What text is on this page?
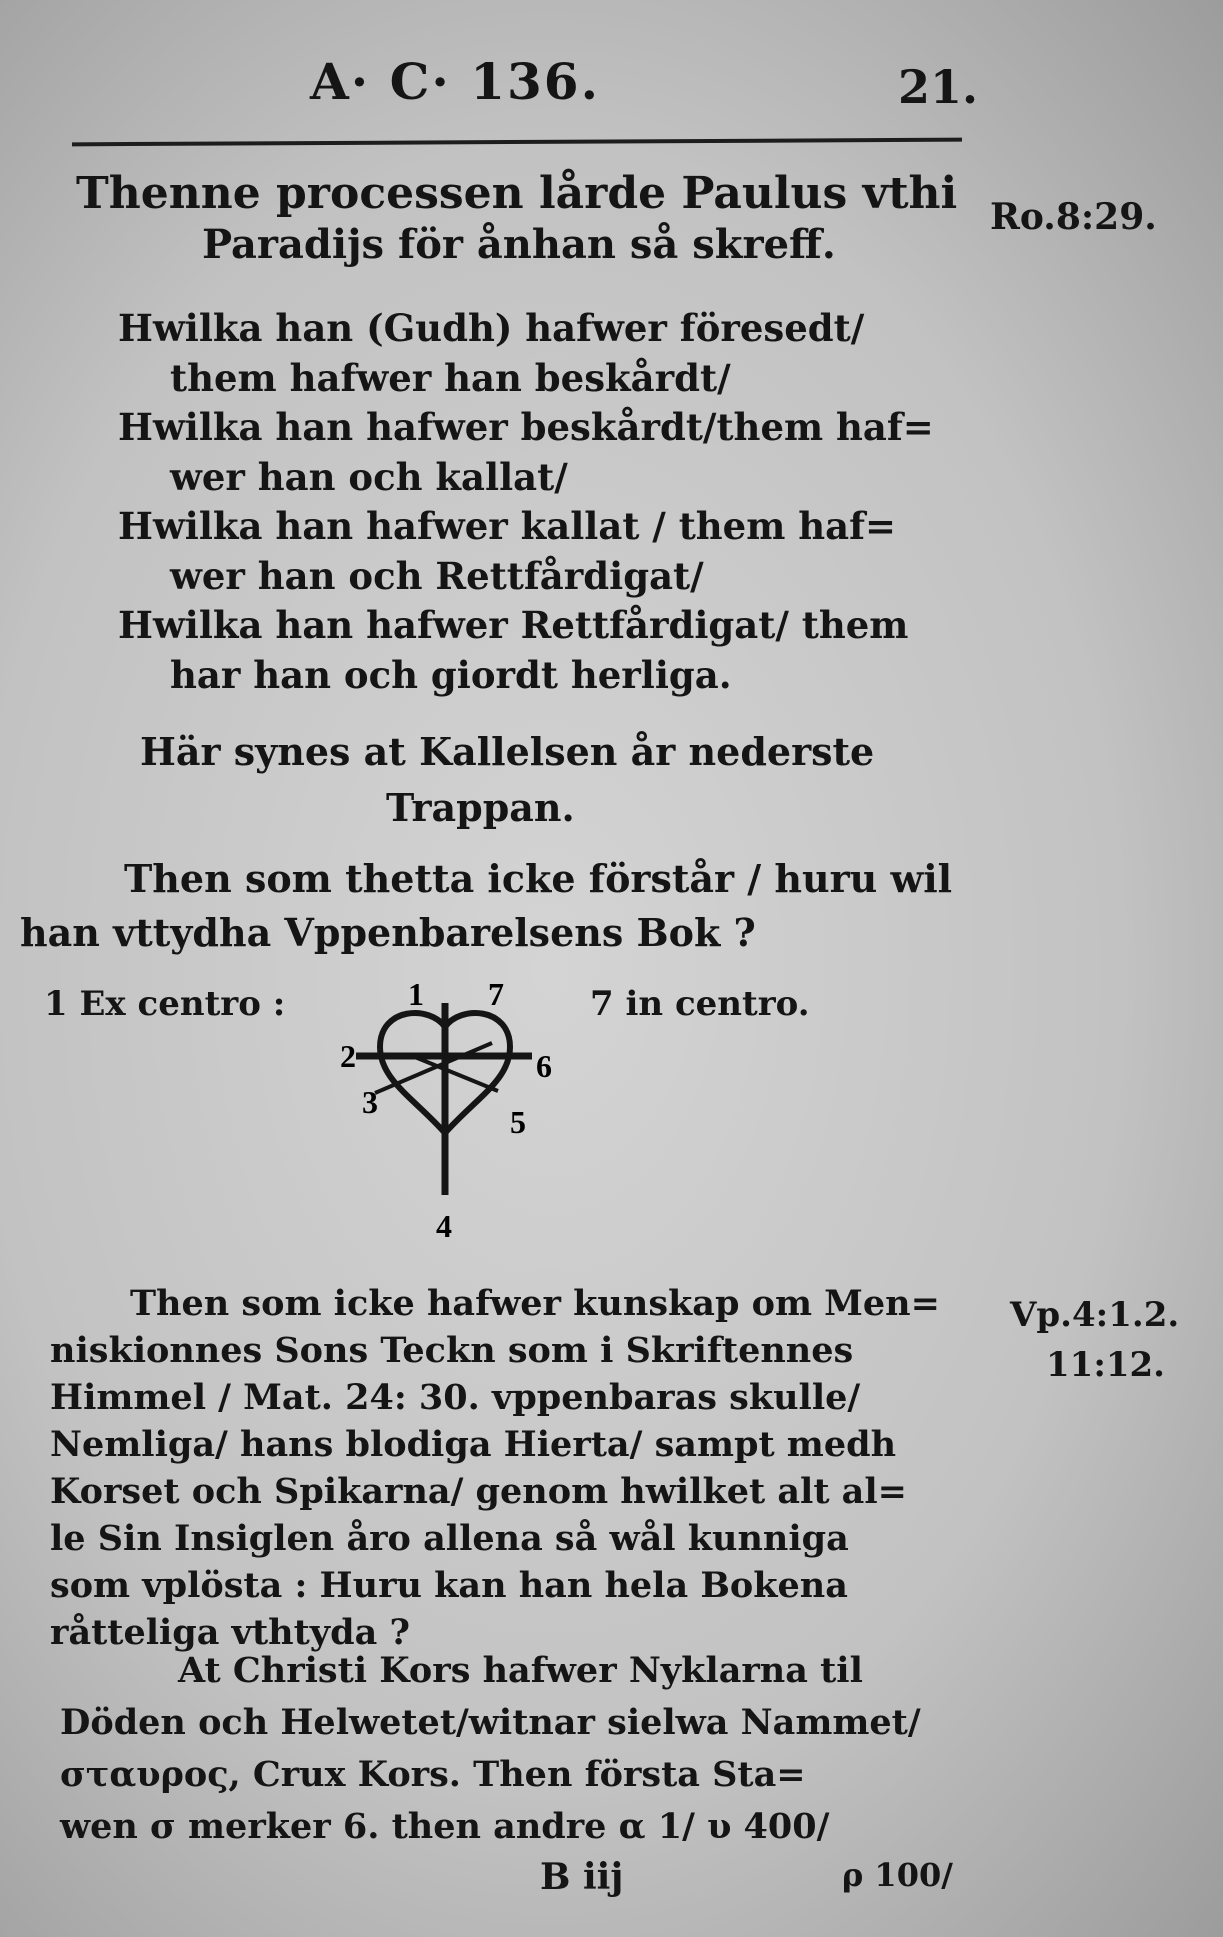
A· C· 136.	21.
Thenne processen lårde Paulus vthi
Paradijs för ånhan så skreff.
Ro.8:29.
Hwilka han (Gudh) hafwer föresedt/
them hafwer han beskårdt/
Hwilka han hafwer beskårdt/them haf=
wer han och kallat/
Hwilka han hafwer kallat / them haf=
wer han och Rettfårdigat/
Hwilka han hafwer Rettfårdigat/ them
har han och giordt herliga.
Här synes at Kallelsen år nederste
Trappan.
Then som thetta icke förstår / huru wil
han vttydha Vppenbarelsens Bok ?
1 Ex centro :	7 in centro.
1 7
2	6
3
5
4
Then som icke hafwer kunskap om Men=
niskionnes Sons Teckn som i Skriftennes
Himmel / Mat. 24: 30. vppenbaras skulle/
Nemliga/ hans blodiga Hierta/ sampt medh
Korset och Spikarna/ genom hwilket alt al=
le Sin Insiglen åro allena så wål kunniga
som vplösta : Huru kan han hela Bokena
råtteliga vthtyda ?
Vp.4:1.2.
11:12.
At Christi Kors hafwer Nyklarna til
Döden och Helwetet/witnar sielwa Nammet/
σταυρος, Crux Kors. Then första Sta=
wen σ merker 6. then andre α 1/ υ 400/
B iij	ρ 100/
